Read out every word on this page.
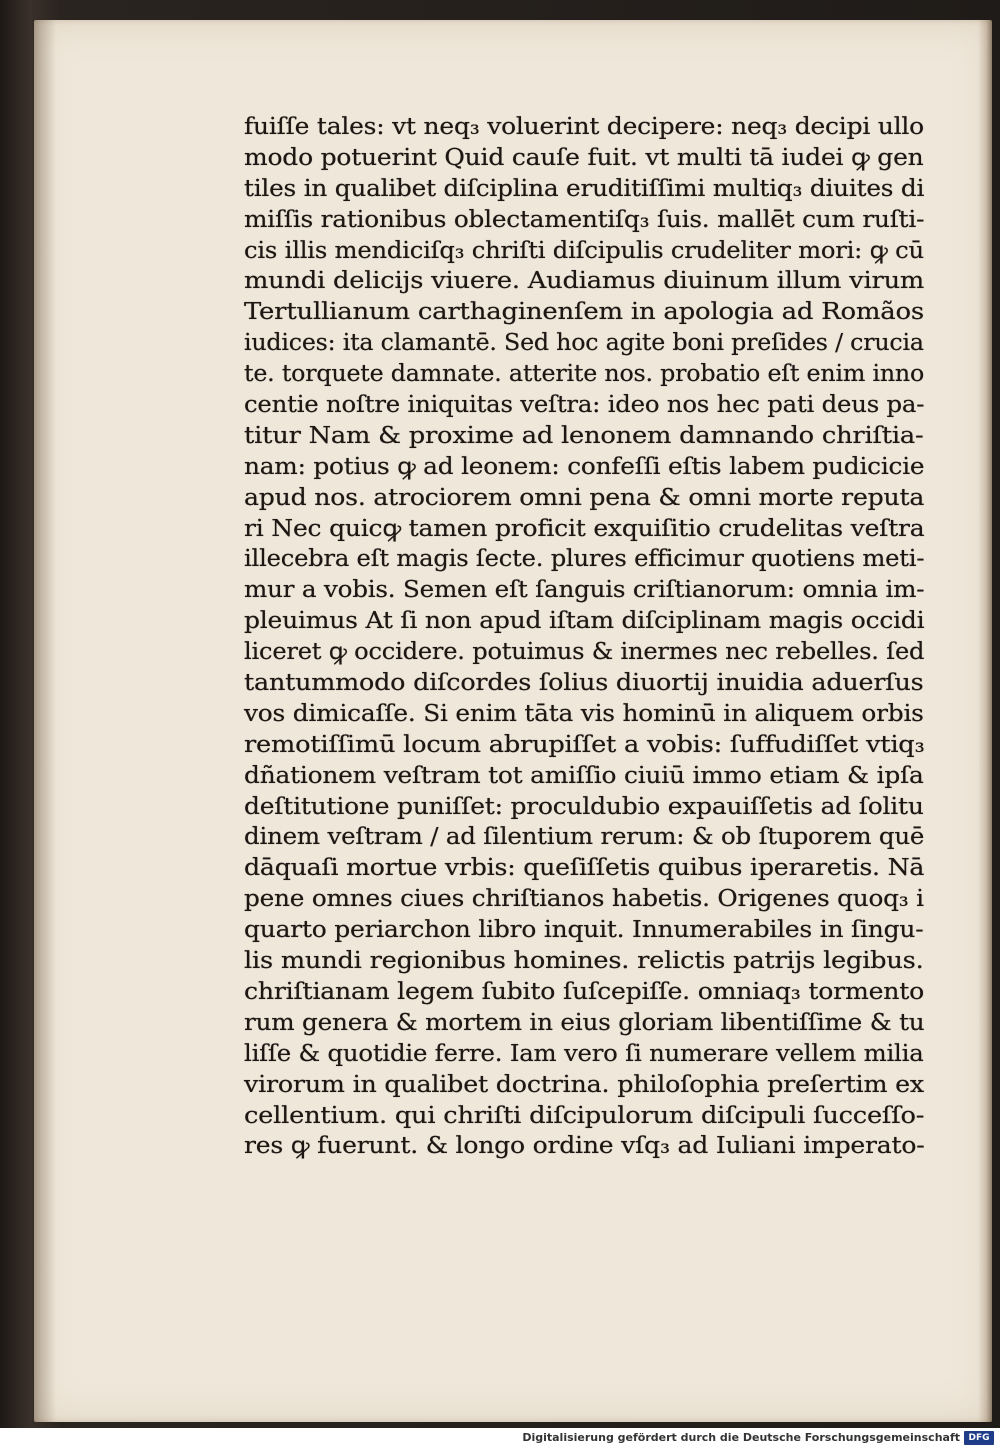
fuiſſe tales: vt neq₃ voluerint decipere: neq₃ decipi ullo
modo potuerint Quid cauſe fuit. vt multi tā iudei ꝙ gen
tiles in qualibet diſciplina eruditiſſimi multiq₃ diuites di
miſſis rationibus oblectamentiſq₃ ſuis. mallēt cum ruſti-
cis illis mendiciſq₃ chriſti diſcipulis crudeliter mori: ꝙ cū
mundi delicijs viuere. Audiamus diuinum illum virum
Tertullianum carthaginenſem in apologia ad Romãos
iudices: ita clamantē. Sed hoc agite boni preſides / crucia
te. torquete damnate. atterite nos. probatio eſt enim inno
centie noſtre iniquitas veſtra: ideo nos hec pati deus pa-
titur Nam & proxime ad lenonem damnando chriſtia-
nam: potius ꝙ ad leonem: confeſſi eſtis labem pudicicie
apud nos. atrociorem omni pena & omni morte reputa
ri Nec quicꝙ tamen proficit exquiſitio crudelitas veſtra
illecebra eſt magis ſecte. plures efficimur quotiens meti-
mur a vobis. Semen eſt ſanguis criſtianorum: omnia im-
pleuimus At ſi non apud iſtam diſciplinam magis occidi
liceret ꝙ occidere. potuimus & inermes nec rebelles. ſed
tantummodo diſcordes ſolius diuortij inuidia aduerſus
vos dimicaſſe. Si enim tāta vis hominū in aliquem orbis
remotiſſimū locum abrupiſſet a vobis: ſuffudiſſet vtiq₃
dñationem veſtram tot amiſſio ciuiū immo etiam & ipſa
deſtitutione puniſſet: proculdubio expauiſſetis ad ſolitu
dinem veſtram / ad ſilentium rerum: & ob ſtuporem quē
dāquaſi mortue vrbis: queſiſſetis quibus iperaretis. Nā
pene omnes ciues chriſtianos habetis. Origenes quoq₃ i
quarto periarchon libro inquit. Innumerabiles in ſingu-
lis mundi regionibus homines. relictis patrijs legibus.
chriſtianam legem ſubito ſuſcepiſſe. omniaq₃ tormento
rum genera & mortem in eius gloriam libentiſſime & tu
liſſe & quotidie ferre. Iam vero ſi numerare vellem milia
virorum in qualibet doctrina. philoſophia preſertim ex
cellentium. qui chriſti diſcipulorum diſcipuli ſucceſſo-
res ꝙ fuerunt. & longo ordine vſq₃ ad Iuliani imperato-
Digitalisierung gefördert durch die Deutsche Forschungsgemeinschaft DFG
